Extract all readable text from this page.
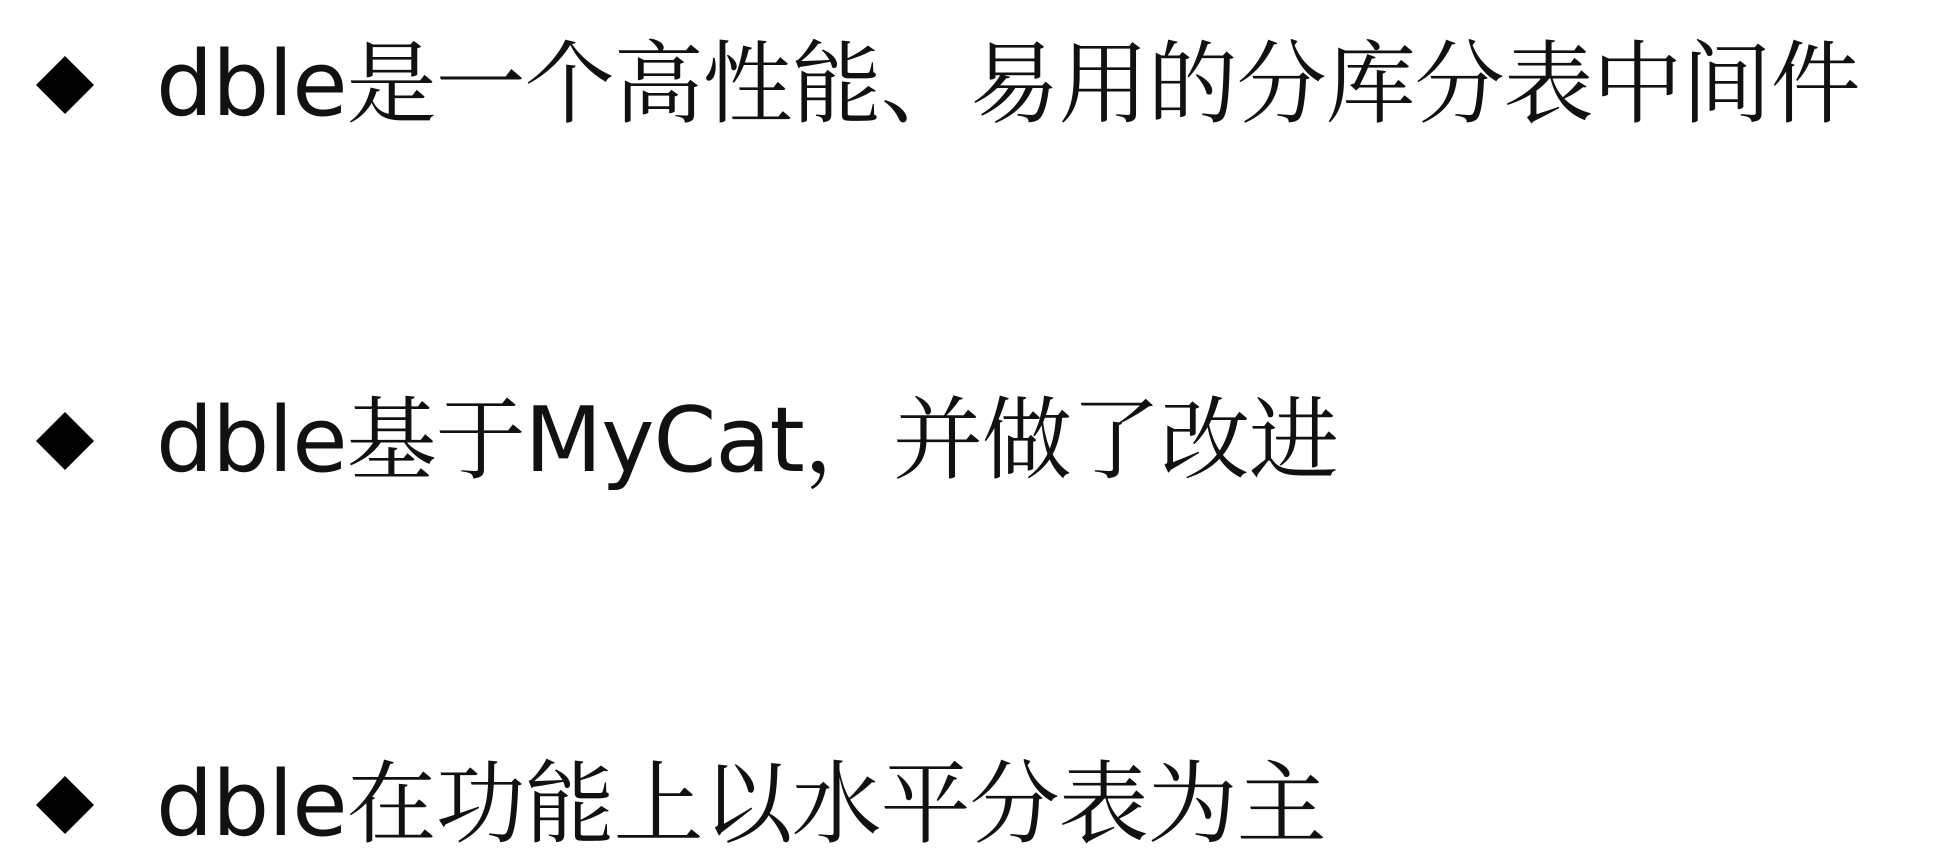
dble是一个高性能、易用的分库分表中间件
dble基于MyCat，并做了改进
dble在功能上以水平分表为主
